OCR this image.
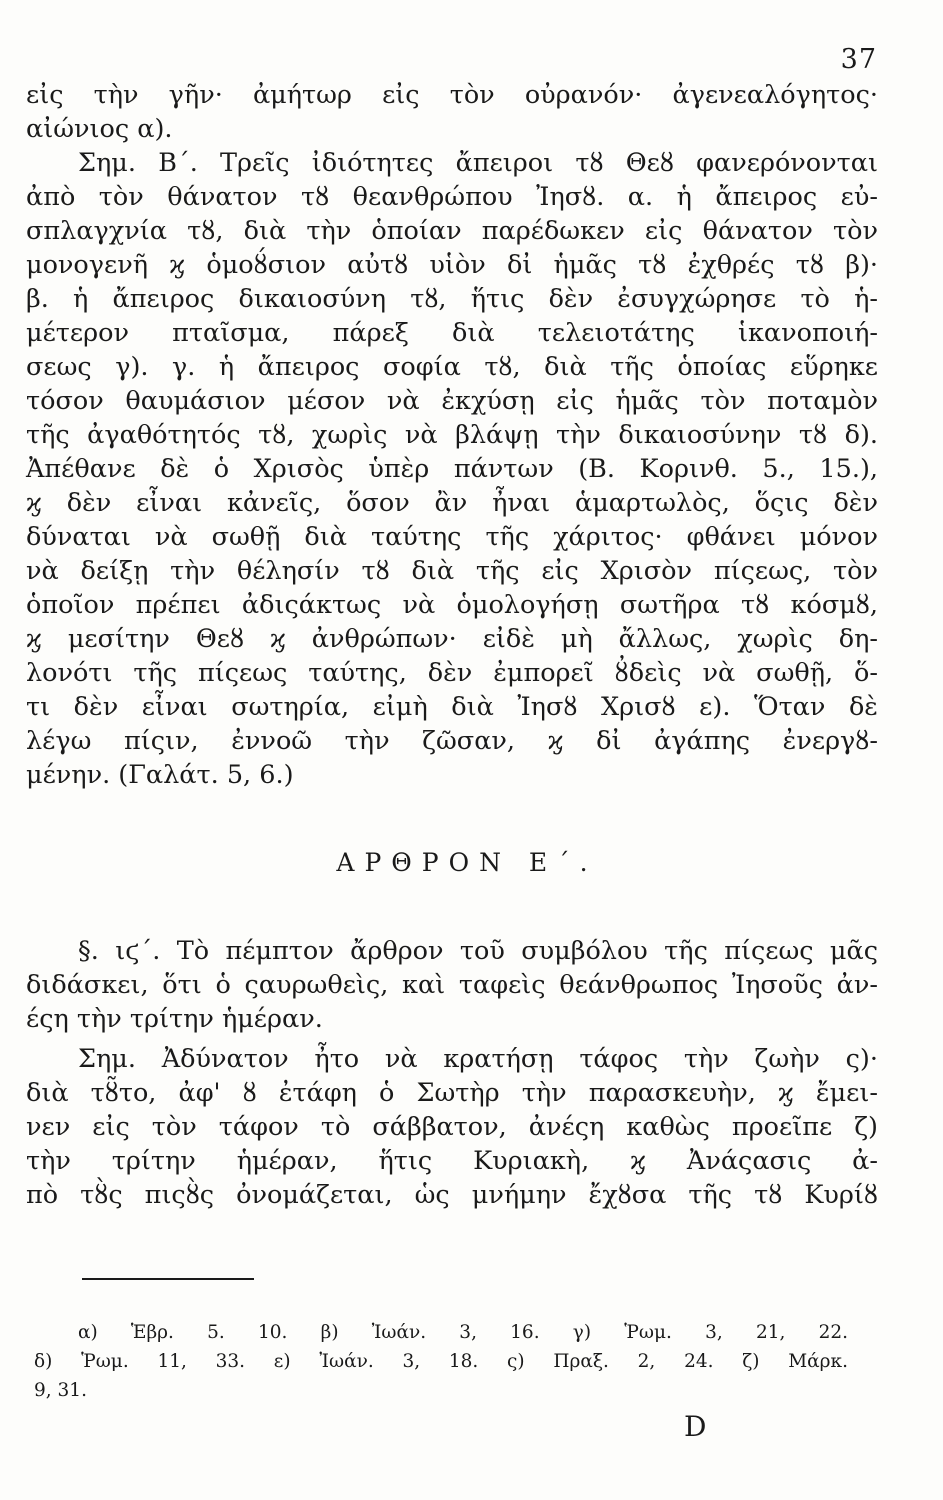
37
εἰς τὴν γῆν· ἀμήτωρ εἰς τὸν οὐρανόν· ἀγενεαλόγητος·
αἰώνιος α).
Σημ. Β΄. Τρεῖς ἰδιότητες ἄπειροι τȣ Θεȣ φανερόνονται
ἀπὸ τὸν θάνατον τȣ θεανθρώπου Ἰησȣ. α. ἡ ἄπειρος εὐ-
σπλαγχνία τȣ, διὰ τὴν ὁποίαν παρέδωκεν εἰς θάνατον τὸν
μονογενῆ ϗ ὁμοȣ́σιον αὐτȣ υἱὸν δἰ ἡμᾶς τȣ ἐχθρές τȣ β)·
β. ἡ ἄπειρος δικαιοσύνη τȣ, ἥτις δὲν ἐσυγχώρησε τὸ ἡ-
μέτερον πταῖσμα, πάρεξ διὰ τελειοτάτης ἱκανοποιή-
σεως γ). γ. ἡ ἄπειρος σοφία τȣ, διὰ τῆς ὁποίας εὕρηκε
τόσον θαυμάσιον μέσον νὰ ἐκχύσῃ εἰς ἡμᾶς τὸν ποταμὸν
τῆς ἀγαθότητός τȣ, χωρὶς νὰ βλάψῃ τὴν δικαιοσύνην τȣ δ).
Ἀπέθανε δὲ ὁ Χρισὸς ὑπὲρ πάντων (Β. Κορινθ. 5., 15.),
ϗ δὲν εἶναι κἀνεῖς, ὅσον ἂν ἦναι ἁμαρτωλὸς, ὅςις δὲν
δύναται νὰ σωθῇ διὰ ταύτης τῆς χάριτος· φθάνει μόνον
νὰ δείξῃ τὴν θέλησίν τȣ διὰ τῆς εἰς Χρισὸν πίςεως, τὸν
ὁποῖον πρέπει ἀδιςάκτως νὰ ὁμολογήσῃ σωτῆρα τȣ κόσμȣ,
ϗ μεσίτην Θεȣ ϗ ἀνθρώπων· εἰδὲ μὴ ἄλλως, χωρὶς δη-
λονότι τῆς πίςεως ταύτης, δὲν ἐμπορεῖ ȣ̓δεὶς νὰ σωθῇ, ὅ-
τι δὲν εἶναι σωτηρία, εἰμὴ διὰ Ἰησȣ Χρισȣ ε). Ὅταν δὲ
λέγω πίςιν, ἐννοῶ τὴν ζῶσαν, ϗ δἰ ἀγάπης ἐνεργȣ-
μένην. (Γαλάτ. 5, 6.)
ΑΡΘΡΟΝ Ε΄.
§. ιϛ΄. Τὸ πέμπτον ἄρθρον τοῦ συμβόλου τῆς πίςεως μᾶς
διδάσκει, ὅτι ὁ ςαυρωθεὶς, καὶ ταφεὶς θεάνθρωπος Ἰησοῦς ἀν-
έςη τὴν τρίτην ἡμέραν.
Σημ. Ἀδύνατον ἦτο νὰ κρατήσῃ τάφος τὴν ζωὴν ς)·
διὰ τȣ̃το, ἀφ' ȣ ἐτάφη ὁ Σωτὴρ τὴν παρασκευὴν, ϗ ἔμει-
νεν εἰς τὸν τάφον τὸ σάββατον, ἀνέςη καθὼς προεῖπε ζ)
τὴν τρίτην ἡμέραν, ἥτις Κυριακὴ, ϗ Ἀνάςασις ἀ-
πὸ τȣ̀ς πιςȣ̀ς ὀνομάζεται, ὡς μνήμην ἔχȣσα τῆς τȣ Κυρίȣ
α) Ἑβρ. 5. 10. β) Ἰωάν. 3, 16. γ) Ῥωμ. 3, 21, 22.
δ) Ῥωμ. 11, 33. ε) Ἰωάν. 3, 18. ς) Πραξ. 2, 24. ζ) Μάρκ.
9, 31.
D
